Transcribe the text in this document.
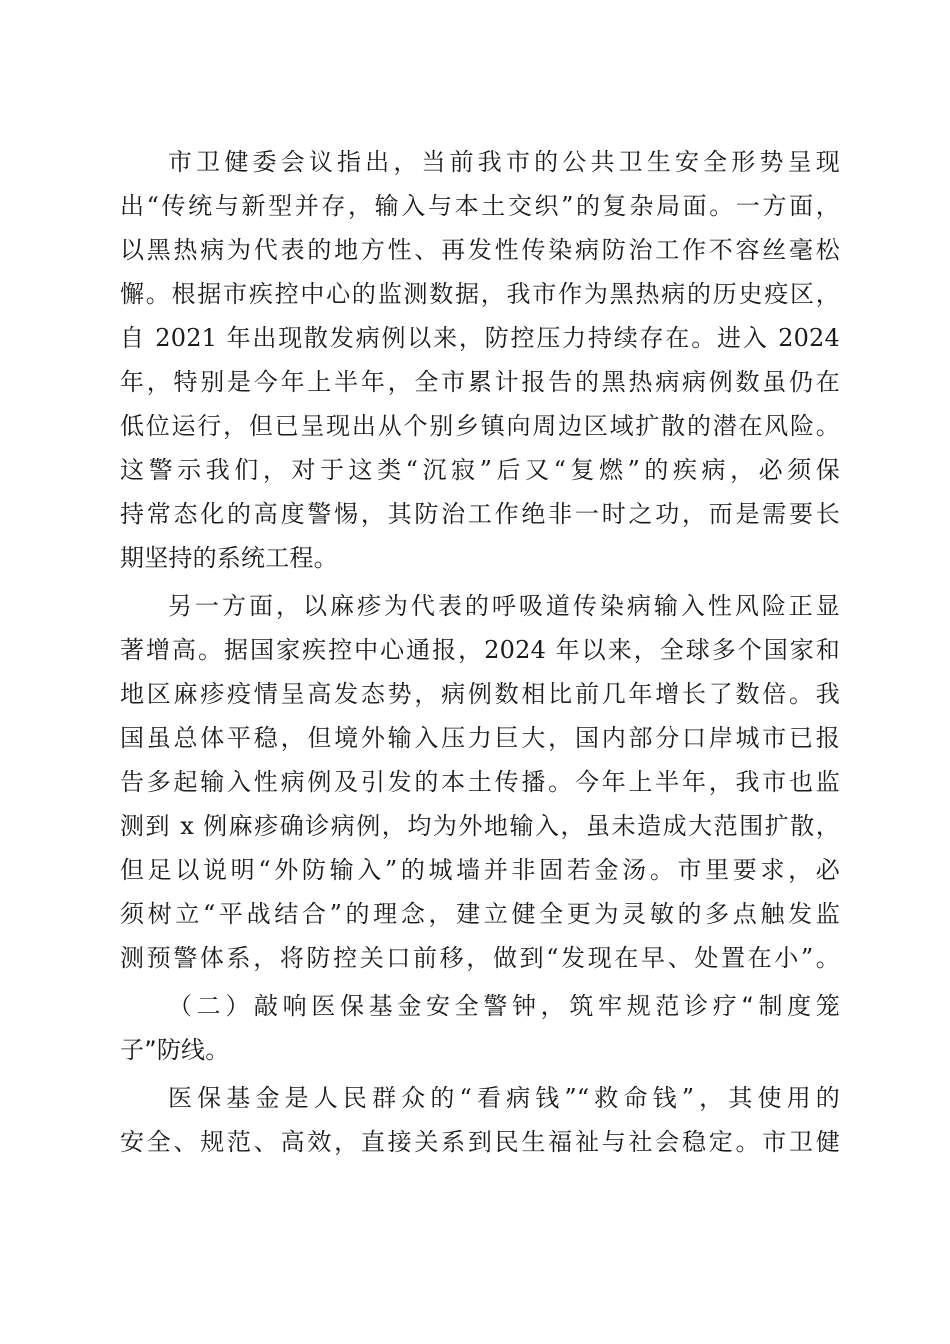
市卫健委会议指出，当前我市的公共卫生安全形势呈现
出“传统与新型并存，输入与本土交织”的复杂局面。一方面，
以黑热病为代表的地方性、再发性传染病防治工作不容丝毫松
懈。根据市疾控中心的监测数据，我市作为黑热病的历史疫区，
自 2021 年出现散发病例以来，防控压力持续存在。进入 2024
年，特别是今年上半年，全市累计报告的黑热病病例数虽仍在
低位运行，但已呈现出从个别乡镇向周边区域扩散的潜在风险。
这警示我们，对于这类“沉寂”后又“复燃”的疾病，必须保
持常态化的高度警惕，其防治工作绝非一时之功，而是需要长
期坚持的系统工程。
另一方面，以麻疹为代表的呼吸道传染病输入性风险正显
著增高。据国家疾控中心通报，2024 年以来，全球多个国家和
地区麻疹疫情呈高发态势，病例数相比前几年增长了数倍。我
国虽总体平稳，但境外输入压力巨大，国内部分口岸城市已报
告多起输入性病例及引发的本土传播。今年上半年，我市也监
测到 x 例麻疹确诊病例，均为外地输入，虽未造成大范围扩散，
但足以说明“外防输入”的城墙并非固若金汤。市里要求，必
须树立“平战结合”的理念，建立健全更为灵敏的多点触发监
测预警体系，将防控关口前移，做到“发现在早、处置在小”。
（二）敲响医保基金安全警钟，筑牢规范诊疗“制度笼
子”防线。
医保基金是人民群众的“看病钱”“救命钱”，其使用的
安全、规范、高效，直接关系到民生福祉与社会稳定。市卫健
